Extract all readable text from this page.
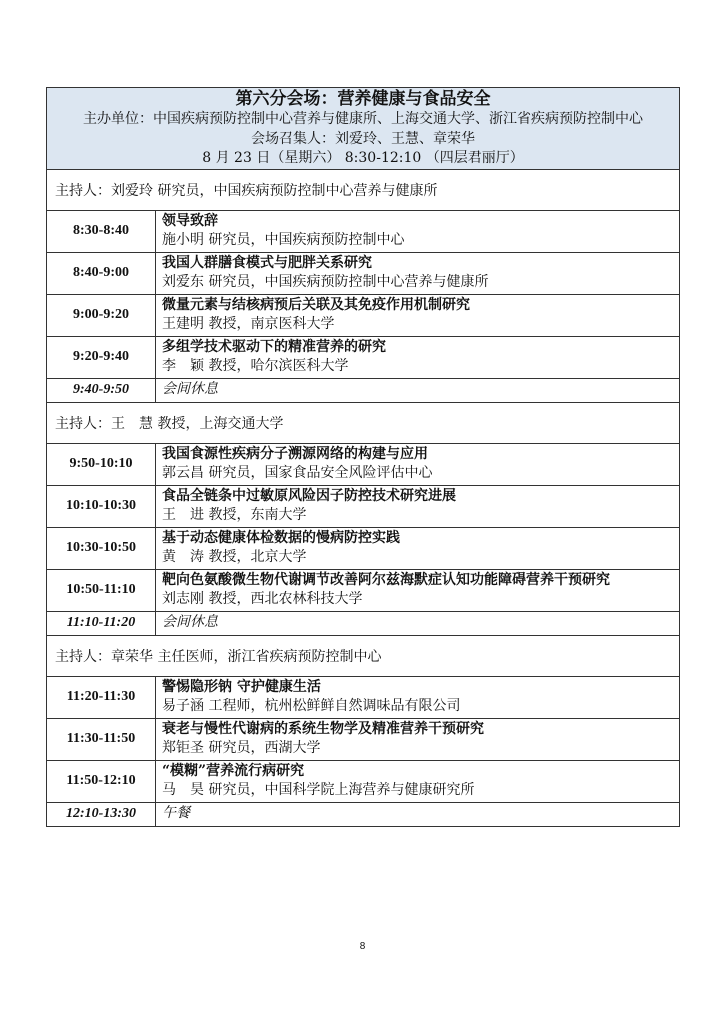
第六分会场：营养健康与食品安全
主办单位：中国疾病预防控制中心营养与健康所、上海交通大学、浙江省疾病预防控制中心
会场召集人：刘爱玲、王慧、章荣华
8 月 23 日（星期六） 8:30-12:10 （四层君丽厅）	

主持人：刘爱玲 研究员，中国疾病预防控制中心营养与健康所	
8:30-8:40	领导致辞
施小明 研究员，中国疾病预防控制中心

8:40-9:00	我国人群膳食模式与肥胖关系研究
刘爱东 研究员，中国疾病预防控制中心营养与健康所

9:00-9:20	微量元素与结核病预后关联及其免疫作用机制研究
王建明 教授，南京医科大学

9:20-9:40	多组学技术驱动下的精准营养的研究
李　颖 教授，哈尔滨医科大学

9:40-9:50	会间休息
主持人：王　慧 教授，上海交通大学	
9:50-10:10	我国食源性疾病分子溯源网络的构建与应用
郭云昌 研究员，国家食品安全风险评估中心

10:10-10:30	食品全链条中过敏原风险因子防控技术研究进展
王　进 教授，东南大学

10:30-10:50	基于动态健康体检数据的慢病防控实践
黄　涛 教授，北京大学

10:50-11:10	靶向色氨酸微生物代谢调节改善阿尔兹海默症认知功能障碍营养干预研究
刘志刚 教授，西北农林科技大学

11:10-11:20	会间休息
主持人：章荣华 主任医师，浙江省疾病预防控制中心	
11:20-11:30	警惕隐形钠 守护健康生活
易子涵 工程师，杭州松鲜鲜自然调味品有限公司

11:30-11:50	衰老与慢性代谢病的系统生物学及精准营养干预研究
郑钜圣 研究员，西湖大学

11:50-12:10	“模糊”营养流行病研究
马　昊 研究员，中国科学院上海营养与健康研究所

12:10-13:30	午餐
8
